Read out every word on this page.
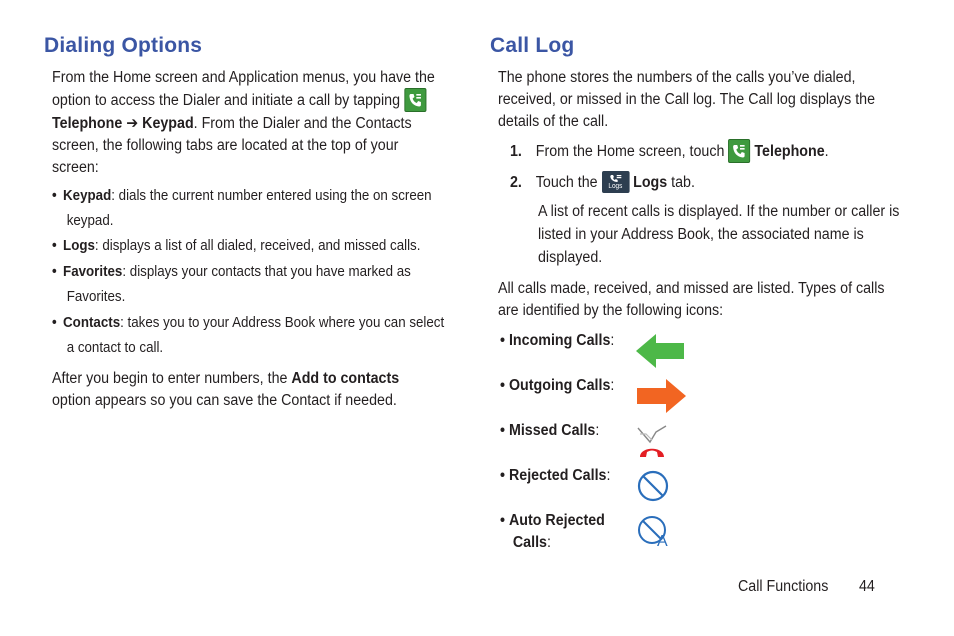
Dialing Options

From the Home screen and Application menus, you have the option to access the Dialer and initiate a call by tapping
Telephone ➔ Keypad. From the Dialer and the Contacts screen, the following tabs are located at the top of your screen:

• Keypad: dials the current number entered using the on screen
keypad.
• Logs: displays a list of all dialed, received, and missed calls.
• Favorites: displays your contacts that you have marked as
Favorites.
• Contacts: takes you to your Address Book where you can select
a contact to call.

After you begin to enter numbers, the Add to contacts option appears so you can save the Contact if needed.

Call Log

The phone stores the numbers of the calls you’ve dialed, received, or missed in the Call log. The Call log displays the details of the call.

1. From the Home screen, touch Telephone.
2. Touch the Logs Logs tab.

A list of recent calls is displayed. If the number or caller is listed in your Address Book, the associated name is displayed.

All calls made, received, and missed are listed. Types of calls are identified by the following icons:

• Incoming Calls:
• Outgoing Calls:
• Missed Calls:
• Rejected Calls:
• Auto Rejected
Calls:	A
Call Functions 44
